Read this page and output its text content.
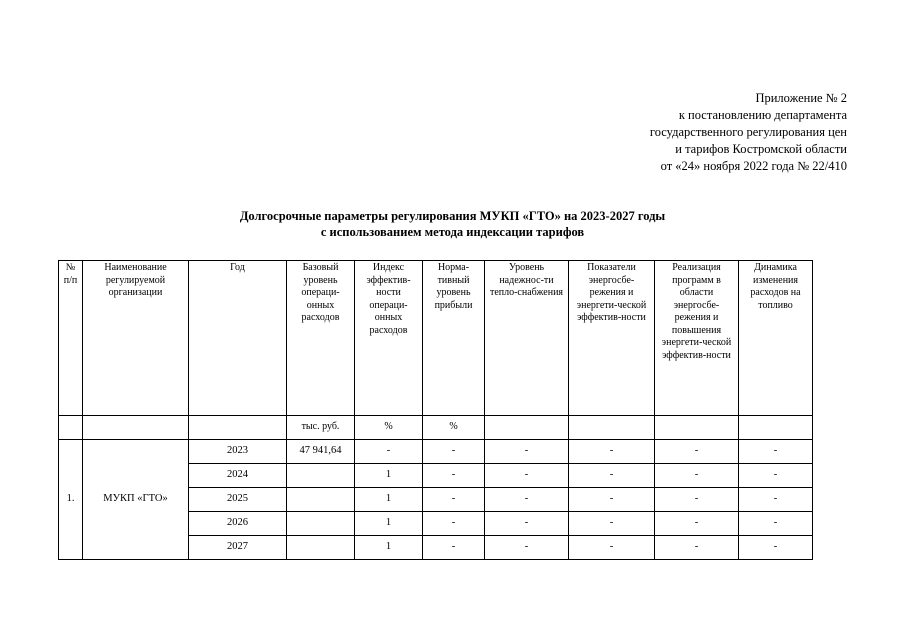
Приложение № 2
к постановлению департамента
государственного регулирования цен
и тарифов Костромской области
от «24» ноября 2022 года № 22/410
Долгосрочные параметры регулирования МУКП «ГТО» на 2023-2027 годы
с использованием метода индексации тарифов
№ п/п	Наименование регулируемой организации	Год	Базовый уровень операци-онных расходов	Индекс эффектив-ности операци-онных расходов	Норма-тивный уровень прибыли	Уровень надежнос-ти тепло-снабжения	Показатели энергосбе-режения и энергети-ческой эффектив-ности	Реализация программ в области энергосбе-режения и повышения энергети-ческой эффектив-ности	Динамика изменения расходов на топливо
			тыс. руб.	%	%				
1.	МУКП «ГТО»	2023	47 941,64	-	-	-	-	-	-
		2024		1	-	-	-	-	-
		2025		1	-	-	-	-	-
		2026		1	-	-	-	-	-
		2027		1	-	-	-	-	-
